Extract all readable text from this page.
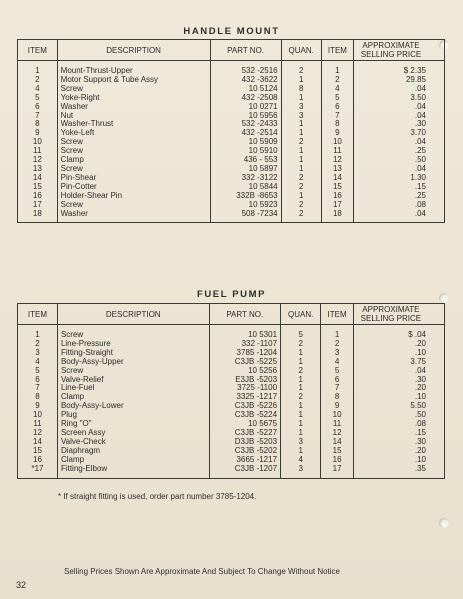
HANDLE MOUNT
ITEM	DESCRIPTION	PART NO.	QUAN.	ITEM	APPROXIMATE SELLING PRICE
1	Mount-Thrust-Upper	532 -2516	2	1	$ 2.35
2	Motor Support & Tube Assy	432 -3622	1	2	29.85
4	Screw	10 5124	8	4	.04
5	Yoke-Right	432 -2508	1	5	3.50
6	Washer	10 0271	3	6	.04
7	Nut	10 5956	3	7	.04
8	Washer-Thrust	532 -2433	1	8	.30
9	Yoke-Left	432 -2514	1	9	3.70
10	Screw	10 5909	2	10	.04
11	Screw	10 5910	1	11	.25
12	Clamp	436 - 553	1	12	.50
13	Screw	10 5897	1	13	.04
14	Pin-Shear	332 -3122	2	14	1.30
15	Pin-Cotter	10 5844	2	15	.15
16	Holder-Shear Pin	332B -8653	1	16	.25
17	Screw	10 5923	2	17	.08
18	Washer	508 -7234	2	18	.04
FUEL PUMP
ITEM	DESCRIPTION	PART NO.	QUAN.	ITEM	APPROXIMATE SELLING PRICE
1	Screw	10 5301	5	1	$ .04
2	Line-Pressure	332 -1107	2	2	.20
3	Fitting-Straight	3785 -1204	1	3	.10
4	Body-Assy-Upper	C3JB -5225	1	4	3.75
5	Screw	10 5256	2	5	.04
6	Valve-Relief	E3JB -5203	1	6	.30
7	Line-Fuel	3725 -1100	1	7	.20
8	Clamp	3325 -1217	2	8	.10
9	Body-Assy-Lower	C3JB -5226	1	9	5.50
10	Plug	C3JB -5224	1	10	.50
11	Ring "O"	10 5675	1	11	.08
12	Screen Assy	C3JB -5227	1	12	.15
14	Valve-Check	D3JB -5203	3	14	.30
15	Diaphragm	C3JB -5202	1	15	.20
16	Clamp	3665 -1217	4	16	.10
*17	Fitting-Elbow	C3JB -1207	3	17	.35
* If straight fitting is used, order part number 3785-1204.
Selling Prices Shown Are Approximate And Subject To Change Without Notice
32
